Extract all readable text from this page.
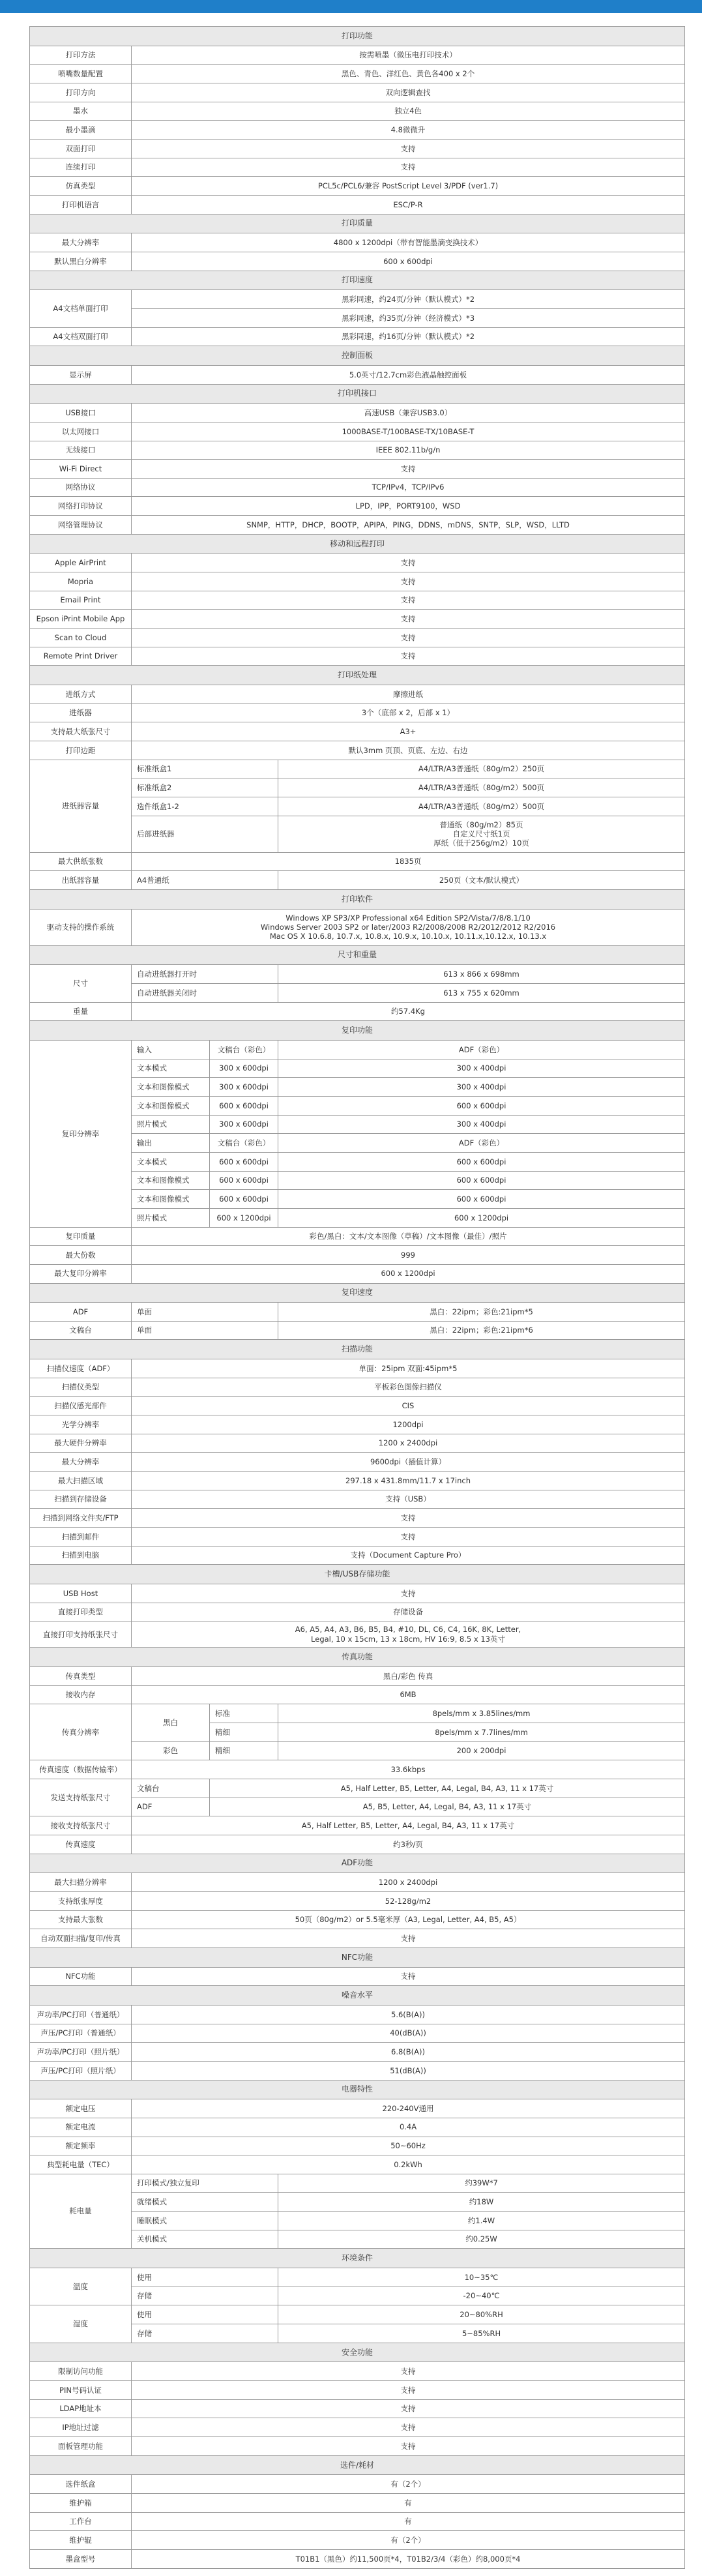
打印功能			
打印方法	按需喷墨（微压电打印技术）		
喷嘴数量配置	黑色、青色、洋红色、黄色各400 x 2个		
打印方向	双向逻辑查找		
墨水	独立4色		
最小墨滴	4.8微微升		
双面打印	支持		
连续打印	支持		
仿真类型	PCL5c/PCL6/兼容 PostScript Level 3/PDF (ver1.7)		
打印机语言	ESC/P-R		
打印质量			
最大分辨率	4800 x 1200dpi（带有智能墨滴变换技术）		
默认黑白分辨率	600 x 600dpi		
打印速度			
A4文档单面打印	黑彩同速，约24页/分钟（默认模式）*2		
	黑彩同速，约35页/分钟（经济模式）*3		
A4文档双面打印	黑彩同速，约16页/分钟（默认模式）*2		
控制面板			
显示屏	5.0英寸/12.7cm彩色液晶触控面板		
打印机接口			
USB接口	高速USB（兼容USB3.0）		
以太网接口	1000BASE-T/100BASE-TX/10BASE-T		
无线接口	IEEE 802.11b/g/n		
Wi-Fi Direct	支持		
网络协议	TCP/IPv4，TCP/IPv6		
网络打印协议	LPD，IPP，PORT9100，WSD		
网络管理协议	SNMP，HTTP，DHCP，BOOTP，APIPA，PING，DDNS，mDNS，SNTP，SLP，WSD，LLTD		
移动和远程打印			
Apple AirPrint	支持		
Mopria	支持		
Email Print	支持		
Epson iPrint Mobile App	支持		
Scan to Cloud	支持		
Remote Print Driver	支持		
打印纸处理			
进纸方式	摩擦进纸		
进纸器	3个（底部 x 2，后部 x 1）		
支持最大纸张尺寸	A3+		
打印边距	默认3mm 页顶、页底、左边、右边		
进纸器容量	标准纸盒1		A4/LTR/A3普通纸（80g/m2）250页
	标准纸盒2		A4/LTR/A3普通纸（80g/m2）500页
	选件纸盒1-2		A4/LTR/A3普通纸（80g/m2）500页
	后部进纸器		普通纸（80g/m2）85页
自定义尺寸纸1页
厚纸（低于256g/m2）10页

最大供纸张数	1835页		
出纸器容量	A4普通纸		250页（文本/默认模式）
打印软件			
驱动支持的操作系统	Windows XP SP3/XP Professional x64 Edition SP2/Vista/7/8/8.1/10
Windows Server 2003 SP2 or later/2003 R2/2008/2008 R2/2012/2012 R2/2016
Mac OS X 10.6.8, 10.7.x, 10.8.x, 10.9.x, 10.10.x, 10.11.x,10.12.x, 10.13.x		

尺寸和重量			
尺寸	自动进纸器打开时		613 x 866 x 698mm
	自动进纸器关闭时		613 x 755 x 620mm
重量	约57.4Kg		
复印功能			
复印分辨率	输入	文稿台（彩色）	ADF（彩色）
	文本模式	300 x 600dpi	300 x 400dpi
	文本和图像模式	300 x 600dpi	300 x 400dpi
	文本和图像模式	600 x 600dpi	600 x 600dpi
	照片模式	300 x 600dpi	300 x 400dpi
	输出	文稿台（彩色）	ADF（彩色）
	文本模式	600 x 600dpi	600 x 600dpi
	文本和图像模式	600 x 600dpi	600 x 600dpi
	文本和图像模式	600 x 600dpi	600 x 600dpi
	照片模式	600 x 1200dpi	600 x 1200dpi
复印质量	彩色/黑白：文本/文本图像（草稿）/文本图像（最佳）/照片		
最大份数	999		
最大复印分辨率	600 x 1200dpi		
复印速度			
ADF	单面		黑白：22ipm；彩色:21ipm*5
文稿台	单面		黑白：22ipm；彩色:21ipm*6
扫描功能			
扫描仪速度（ADF）	单面：25ipm 双面:45ipm*5		
扫描仪类型	平板彩色图像扫描仪		
扫描仪感光部件	CIS		
光学分辨率	1200dpi		
最大硬件分辨率	1200 x 2400dpi		
最大分辨率	9600dpi（插值计算）		
最大扫描区域	297.18 x 431.8mm/11.7 x 17inch		
扫描到存储设备	支持（USB）		
扫描到网络文件夹/FTP	支持		
扫描到邮件	支持		
扫描到电脑	支持（Document Capture Pro）		
卡槽/USB存储功能			
USB Host	支持		
直接打印类型	存储设备		
直接打印支持纸张尺寸	A6, A5, A4, A3, B6, B5, B4, #10, DL, C6, C4, 16K, 8K, Letter,
Legal, 10 x 15cm, 13 x 18cm, HV 16:9, 8.5 x 13英寸		

传真功能			
传真类型	黑白/彩色 传真		
接收内存	6MB		
传真分辨率	黑白	标准	8pels/mm x 3.85lines/mm
		精细	8pels/mm x 7.7lines/mm
	彩色	精细	200 x 200dpi
传真速度（数据传输率）	33.6kbps		
发送支持纸张尺寸	文稿台	A5, Half Letter, B5, Letter, A4, Legal, B4, A3, 11 x 17英寸	
	ADF	A5, B5, Letter, A4, Legal, B4, A3, 11 x 17英寸	
接收支持纸张尺寸	A5, Half Letter, B5, Letter, A4, Legal, B4, A3, 11 x 17英寸		
传真速度	约3秒/页		
ADF功能			
最大扫描分辨率	1200 x 2400dpi		
支持纸张厚度	52-128g/m2		
支持最大张数	50页（80g/m2）or 5.5毫米厚（A3, Legal, Letter, A4, B5, A5）		
自动双面扫描/复印/传真	支持		
NFC功能			
NFC功能	支持		
噪音水平			
声功率/PC打印（普通纸）	5.6(B(A))		
声压/PC打印（普通纸）	40(dB(A))		
声功率/PC打印（照片纸）	6.8(B(A))		
声压/PC打印（照片纸）	51(dB(A))		
电器特性			
额定电压	220-240V通用		
额定电流	0.4A		
额定频率	50~60Hz		
典型耗电量（TEC）	0.2kWh		
耗电量	打印模式/独立复印		约39W*7
	就绪模式		约18W
	睡眠模式		约1.4W
	关机模式		约0.25W
环境条件			
温度	使用		10~35℃
	存储		-20~40℃
湿度	使用		20~80%RH
	存储		5~85%RH
安全功能			
限制访问功能	支持		
PIN号码认证	支持		
LDAP地址本	支持		
IP地址过滤	支持		
面板管理功能	支持		
选件/耗材			
选件纸盒	有（2个）		
维护箱	有		
工作台	有		
维护辊	有（2个）		
墨盒型号	T01B1（黑色）约11,500页*4，T01B2/3/4（彩色）约8,000页*4		
